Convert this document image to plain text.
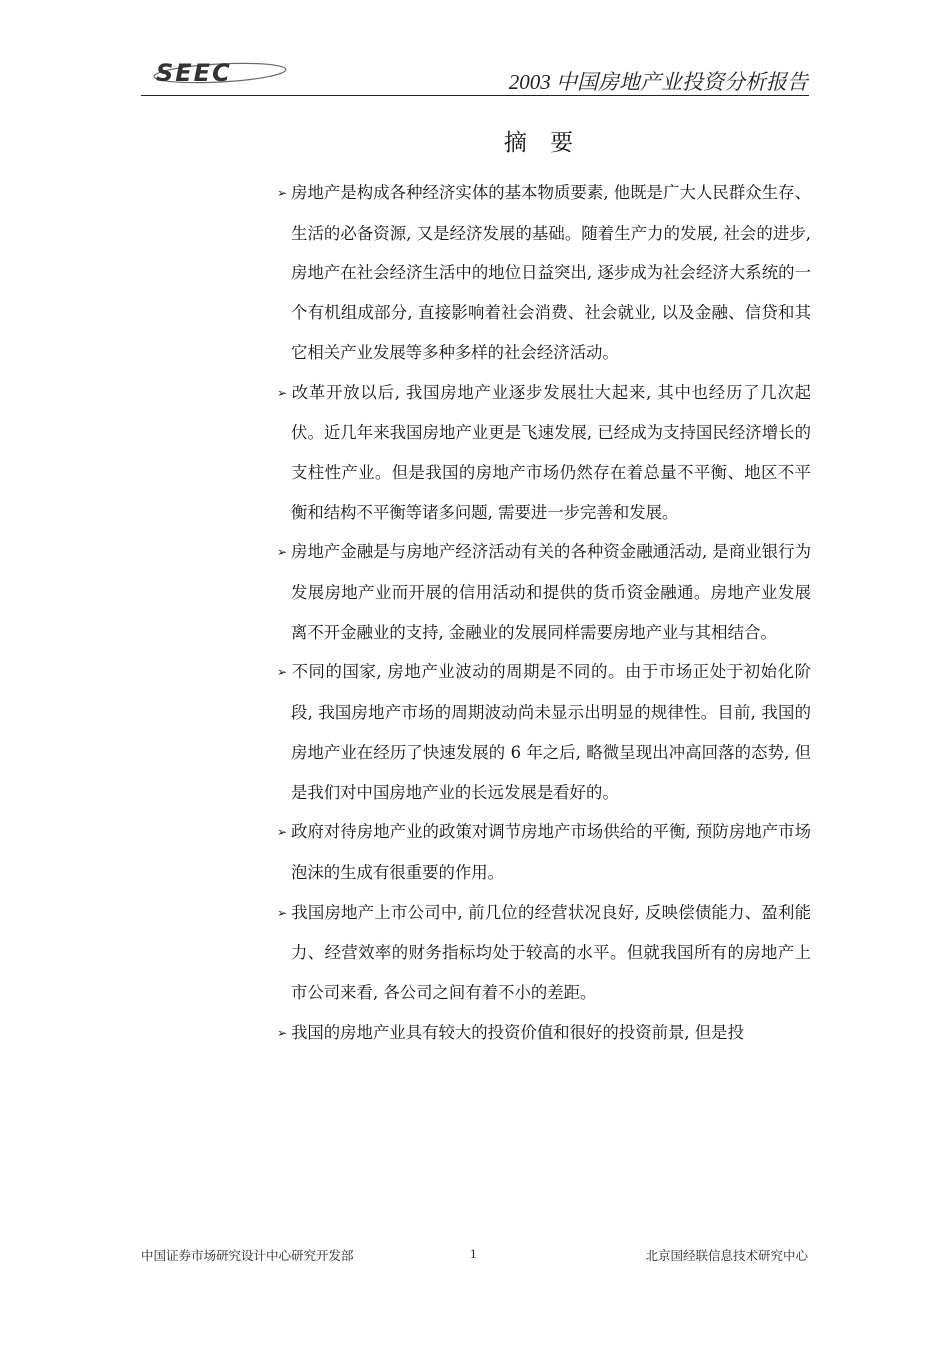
SEEC	2003 中国房地产业投资分析报告
摘 要
➢ 房地产是构成各种经济实体的基本物质要素, 他既是广大人民群众生存、生活的必备资源, 又是经济发展的基础。随着生产力的发展, 社会的进步, 房地产在社会经济生活中的地位日益突出, 逐步成为社会经济大系统的一个有机组成部分, 直接影响着社会消费、社会就业, 以及金融、信贷和其它相关产业发展等多种多样的社会经济活动。
➢ 改革开放以后, 我国房地产业逐步发展壮大起来, 其中也经历了几次起伏。近几年来我国房地产业更是飞速发展, 已经成为支持国民经济增长的支柱性产业。但是我国的房地产市场仍然存在着总量不平衡、地区不平衡和结构不平衡等诸多问题, 需要进一步完善和发展。
➢ 房地产金融是与房地产经济活动有关的各种资金融通活动, 是商业银行为发展房地产业而开展的信用活动和提供的货币资金融通。房地产业发展离不开金融业的支持, 金融业的发展同样需要房地产业与其相结合。
➢ 不同的国家, 房地产业波动的周期是不同的。由于市场正处于初始化阶段, 我国房地产市场的周期波动尚未显示出明显的规律性。目前, 我国的房地产业在经历了快速发展的 6 年之后, 略微呈现出冲高回落的态势, 但是我们对中国房地产业的长远发展是看好的。
➢ 政府对待房地产业的政策对调节房地产市场供给的平衡, 预防房地产市场泡沫的生成有很重要的作用。
➢ 我国房地产上市公司中, 前几位的经营状况良好, 反映偿债能力、盈利能力、经营效率的财务指标均处于较高的水平。但就我国所有的房地产上市公司来看, 各公司之间有着不小的差距。
➢ 我国的房地产业具有较大的投资价值和很好的投资前景, 但是投
中国证券市场研究设计中心研究开发部	1	北京国经联信息技术研究中心
